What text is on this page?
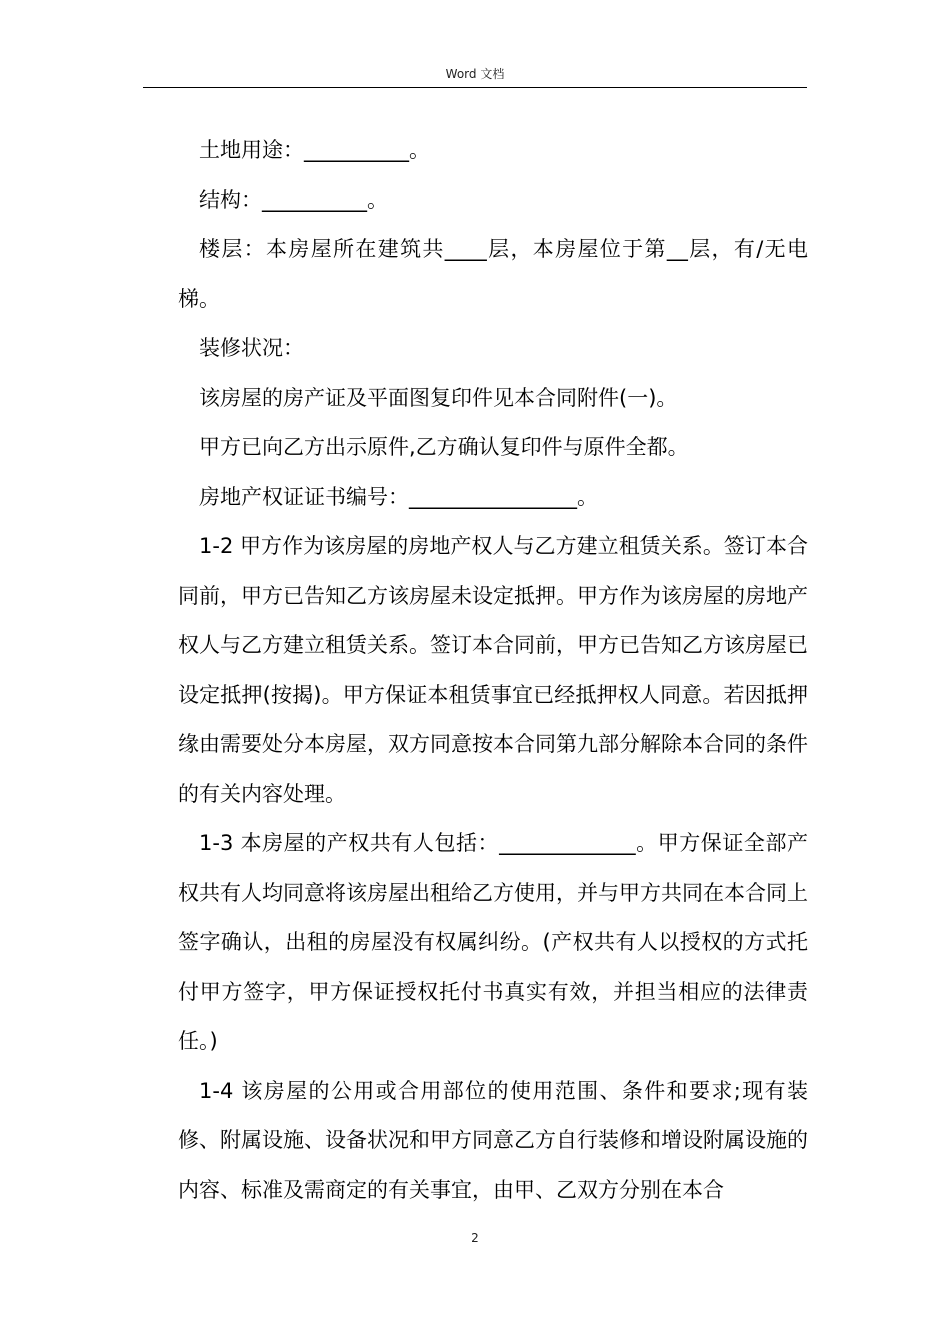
Word 文档

土地用途：__________。

结构：__________。

楼层：本房屋所在建筑共____层，本房屋位于第__层，有/无电梯。

装修状况：

该房屋的房产证及平面图复印件见本合同附件(一)。

甲方已向乙方出示原件,乙方确认复印件与原件全都。

房地产权证证书编号：________________。

1-2 甲方作为该房屋的房地产权人与乙方建立租赁关系。签订本合同前，甲方已告知乙方该房屋未设定抵押。甲方作为该房屋的房地产权人与乙方建立租赁关系。签订本合同前，甲方已告知乙方该房屋已设定抵押(按揭)。甲方保证本租赁事宜已经抵押权人同意。若因抵押缘由需要处分本房屋，双方同意按本合同第九部分解除本合同的条件的有关内容处理。

1-3 本房屋的产权共有人包括：_____________。甲方保证全部产权共有人均同意将该房屋出租给乙方使用，并与甲方共同在本合同上签字确认，出租的房屋没有权属纠纷。(产权共有人以授权的方式托付甲方签字，甲方保证授权托付书真实有效，并担当相应的法律责任。)

1-4 该房屋的公用或合用部位的使用范围、条件和要求;现有装修、附属设施、设备状况和甲方同意乙方自行装修和增设附属设施的内容、标准及需商定的有关事宜，由甲、乙双方分别在本合

2
